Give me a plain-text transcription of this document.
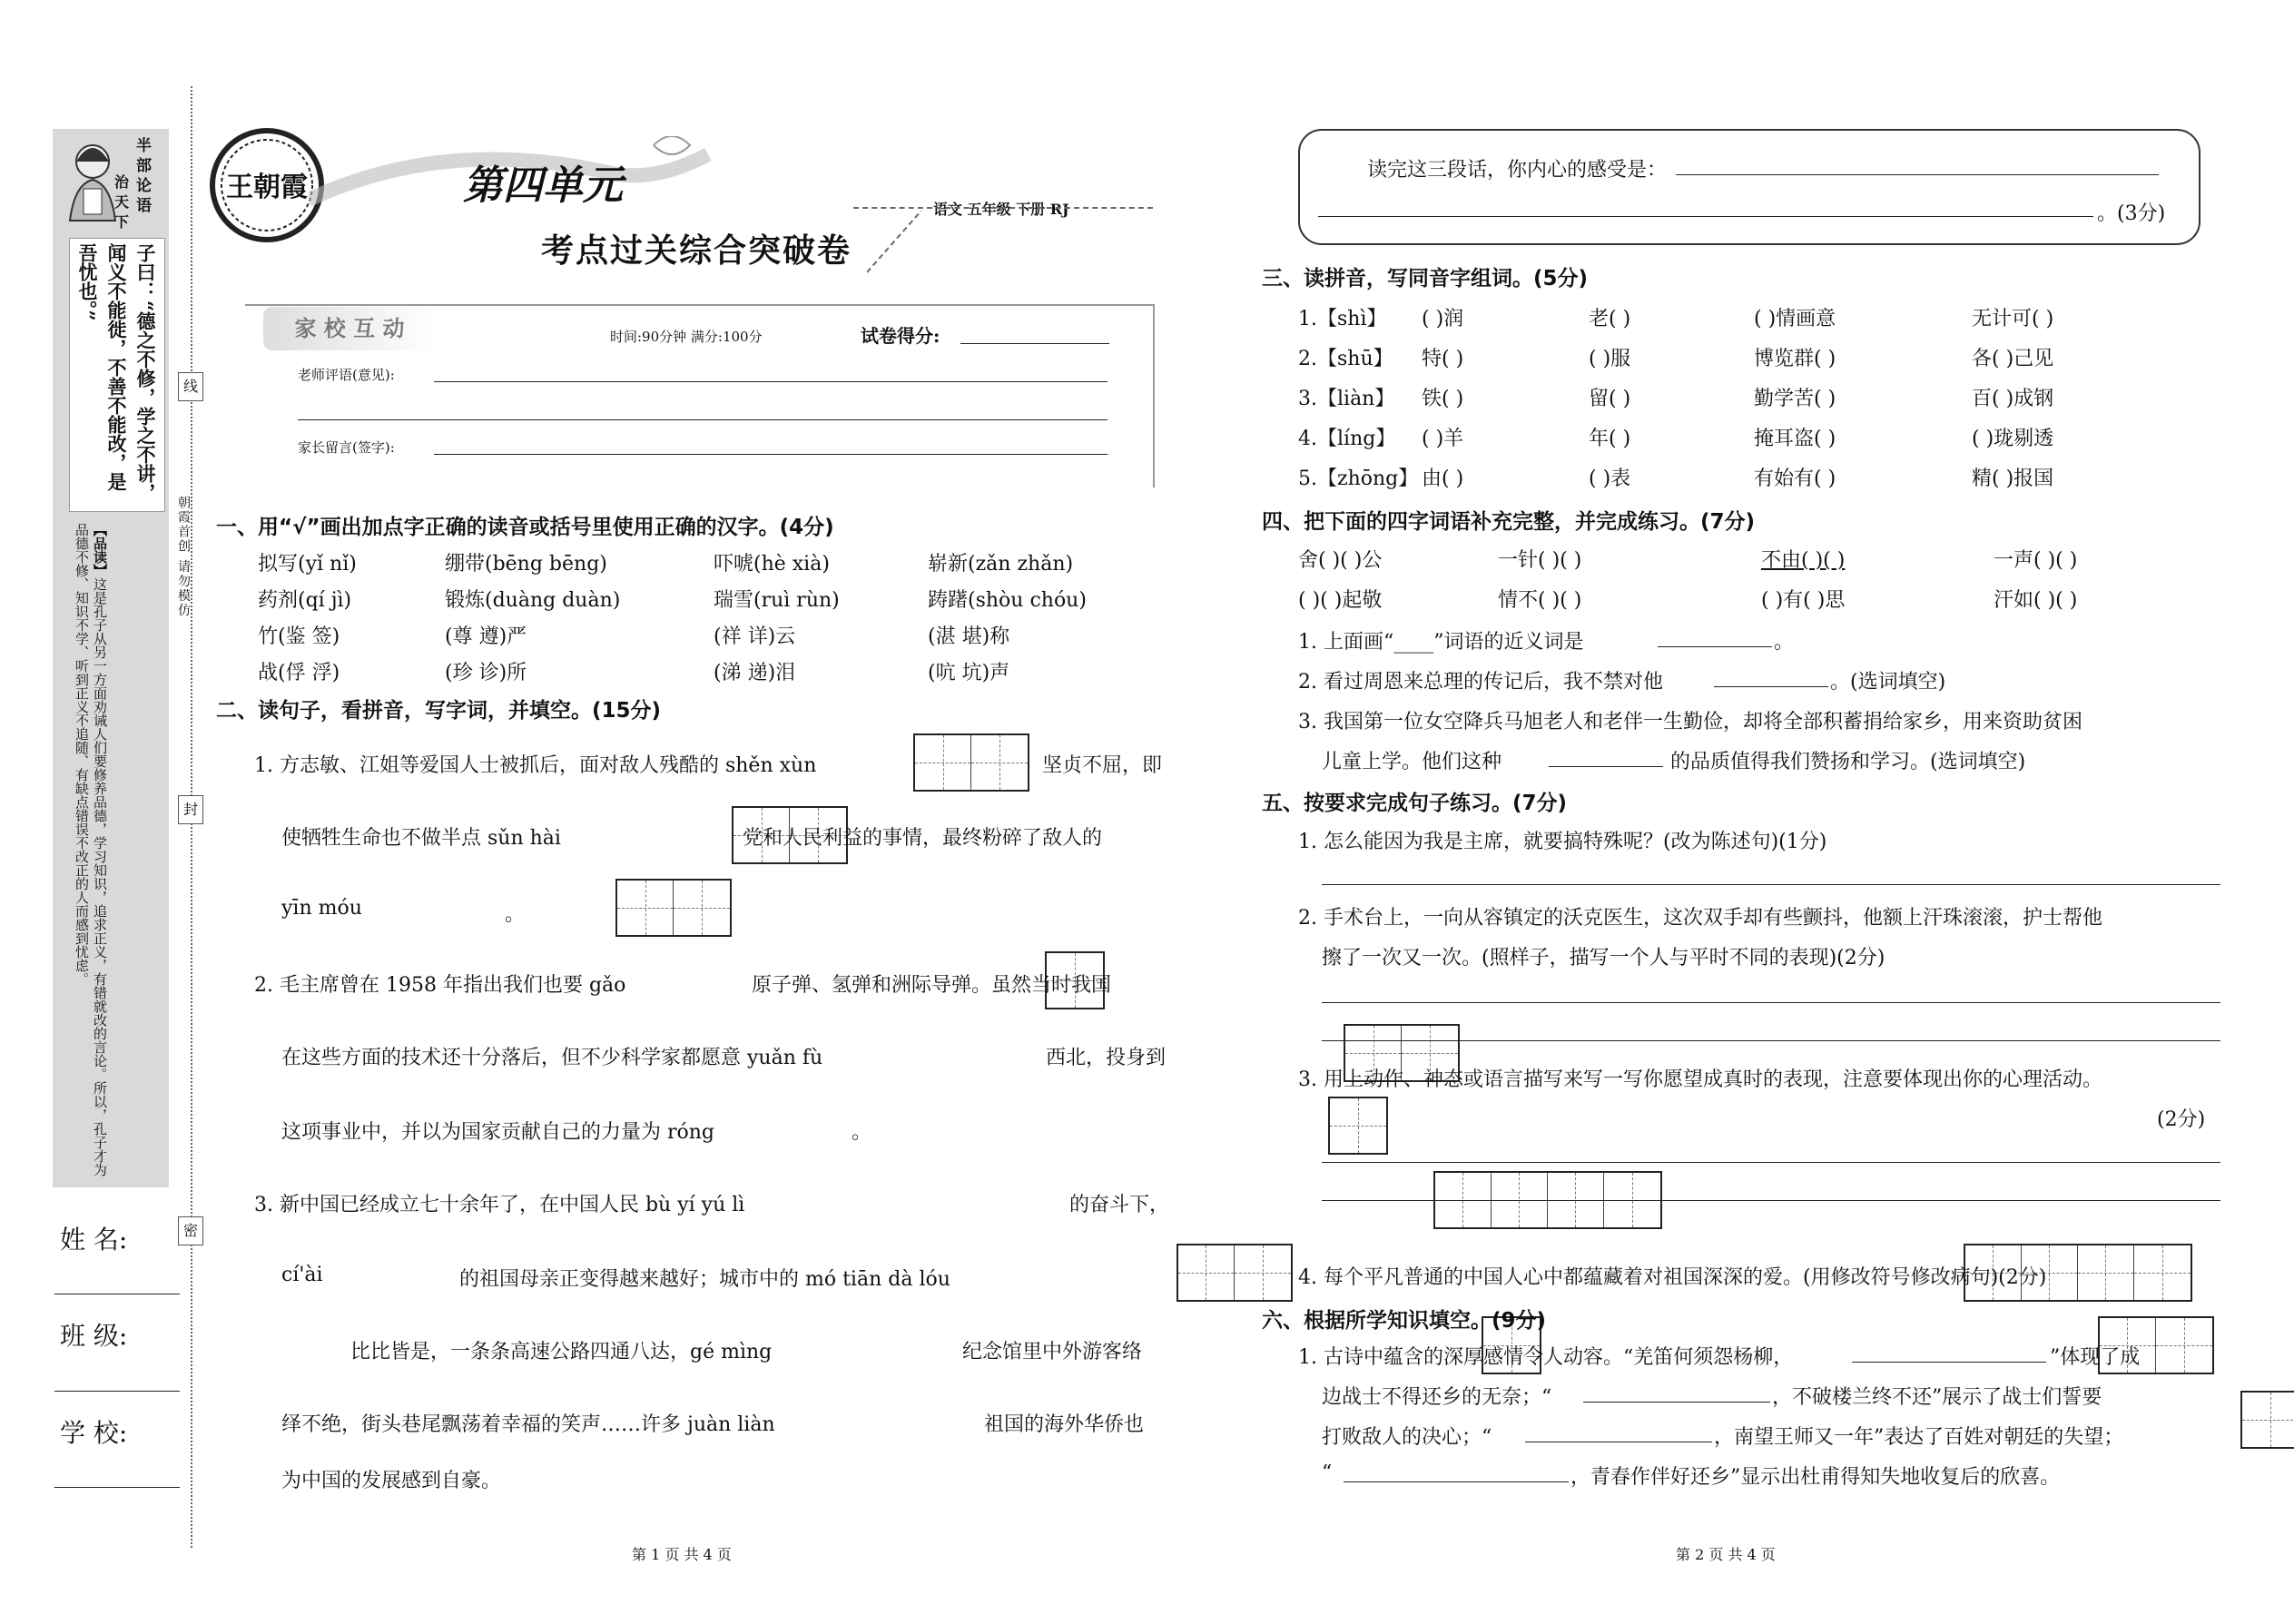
半部论语
治天下
子曰：“德之不修，学之不讲，闻义不能徙，不善不能改，是吾忧也。”
【品读】这是孔子从另一方面劝诫人们要修养品德，学习知识，追求正义，有错就改的言论。所以，孔子才为品德不修、知识不学、听到正义不追随、有缺点错误不改正的人而感到忧虑。
线
封
密
朝霞首创 请勿模仿
姓 名:
班 级:
学 校:
王朝霞	第四单元
语文 五年级 下册 RJ
考点过关综合突破卷
家 校 互 动	时间:90分钟 满分:100分	试卷得分:
老师评语(意见):
家长留言(签字):
一、用“√”画出加点字正确的读音或括号里使用正确的汉字。(4分)
拟写(yǐ nǐ)	绷带(bēng bēng)	吓唬(hè xià)	崭新(zǎn zhǎn)
药剂(qí jì)	锻炼(duàng duàn)	瑞雪(ruì rùn)	踌躇(shòu chóu)
竹(鉴 签)	(尊 遵)严	(祥 详)云	(湛 堪)称
战(俘 浮)	(珍 诊)所	(涕 递)泪	(吭 坑)声
二、读句子，看拼音，写字词，并填空。(15分)
1. 方志敏、江姐等爱国人士被抓后，面对敌人残酷的 shěn xùn
	坚贞不屈，即
使牺牲生命也不做半点 sǔn hài
	党和人民利益的事情，最终粉碎了敌人的
yīn móu
	。
2. 毛主席曾在 1958 年指出我们也要 gǎo
	原子弹、氢弹和洲际导弹。虽然当时我国
在这些方面的技术还十分落后，但不少科学家都愿意 yuǎn fù
	西北，投身到
这项事业中，并以为国家贡献自己的力量为 róng
	。
3. 新中国已经成立七十余年了，在中国人民 bù yí yú lì
	的奋斗下，
cí'ài
	的祖国母亲正变得越来越好；城市中的 mó tiān dà lóu

比比皆是，一条条高速公路四通八达，gé mìng
	纪念馆里中外游客络
绎不绝，街头巷尾飘荡着幸福的笑声……许多 juàn liàn	祖国的海外华侨也
为中国的发展感到自豪。
第 1 页 共 4 页
读完这三段话，你内心的感受是：
。(3分)
三、读拼音，写同音字组词。(5分)
1.【shì】 ( )润	老( )	( )情画意	无计可( )
2.【shū】 特( )	( )服	博览群( )	各( )己见
3.【liàn】 铁( )	留( )	勤学苦( )	百( )成钢
4.【líng】 ( )羊	年( )	掩耳盗( )	( )珑剔透
5.【zhōng】 由( )	( )表	有始有( )	精( )报国
四、把下面的四字词语补充完整，并完成练习。(7分)
舍( )( )公	一针( )( )	不由( )( )	一声( )( )
( )( )起敬	情不( )( )	( )有( )思	汗如( )( )
1. 上面画“____”词语的近义词是	。
2. 看过周恩来总理的传记后，我不禁对他	。(选词填空)
3. 我国第一位女空降兵马旭老人和老伴一生勤俭，却将全部积蓄捐给家乡，用来资助贫困
儿童上学。他们这种	的品质值得我们赞扬和学习。(选词填空)
五、按要求完成句子练习。(7分)
1. 怎么能因为我是主席，就要搞特殊呢？(改为陈述句)(1分)
2. 手术台上，一向从容镇定的沃克医生，这次双手却有些颤抖，他额上汗珠滚滚，护士帮他
擦了一次又一次。(照样子，描写一个人与平时不同的表现)(2分)
3. 用上动作、神态或语言描写来写一写你愿望成真时的表现，注意要体现出你的心理活动。
(2分)
4. 每个平凡普通的中国人心中都蕴藏着对祖国深深的爱。(用修改符号修改病句)(2分)
六、根据所学知识填空。(9分)
1. 古诗中蕴含的深厚感情令人动容。“羌笛何须怨杨柳，	”体现了成
边战士不得还乡的无奈；“	，不破楼兰终不还”展示了战士们誓要
打败敌人的决心；“	，南望王师又一年”表达了百姓对朝廷的失望；
“	，青春作伴好还乡”显示出杜甫得知失地收复后的欣喜。
第 2 页 共 4 页
